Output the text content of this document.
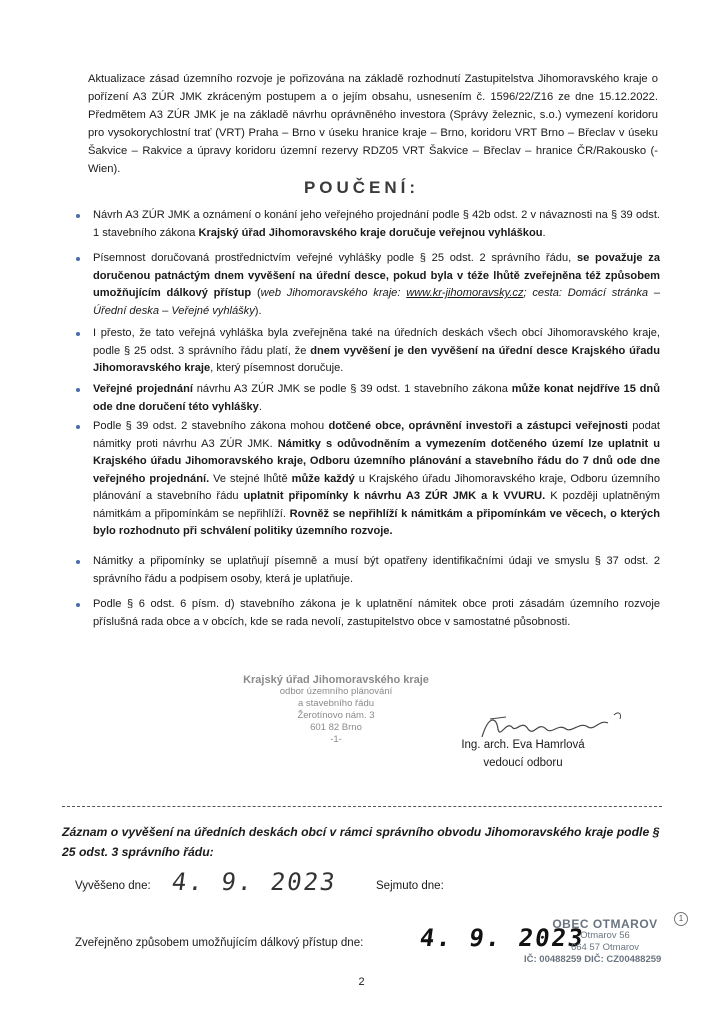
Aktualizace zásad územního rozvoje je pořizována na základě rozhodnutí Zastupitelstva Jihomoravského kraje o pořízení A3 ZÚR JMK zkráceným postupem a o jejím obsahu, usnesením č. 1596/22/Z16 ze dne 15.12.2022. Předmětem A3 ZÚR JMK je na základě návrhu oprávněného investora (Správy železnic, s.o.) vymezení koridoru pro vysokorychlostní trať (VRT) Praha – Brno v úseku hranice kraje – Brno, koridoru VRT Brno – Břeclav v úseku Šakvice – Rakvice a úpravy koridoru územní rezervy RDZ05 VRT Šakvice – Břeclav – hranice ČR/Rakousko (- Wien).

POUČENÍ:
Návrh A3 ZÚR JMK a oznámení o konání jeho veřejného projednání podle § 42b odst. 2 v návaznosti na § 39 odst. 1 stavebního zákona Krajský úřad Jihomoravského kraje doručuje veřejnou vyhláškou.
Písemnost doručovaná prostřednictvím veřejné vyhlášky podle § 25 odst. 2 správního řádu, se považuje za doručenou patnáctým dnem vyvěšení na úřední desce, pokud byla v téže lhůtě zveřejněna též způsobem umožňujícím dálkový přístup (web Jihomoravského kraje: www.kr-jihomoravsky.cz; cesta: Domácí stránka – Úřední deska – Veřejné vyhlášky).
I přesto, že tato veřejná vyhláška byla zveřejněna také na úředních deskách všech obcí Jihomoravského kraje, podle § 25 odst. 3 správního řádu platí, že dnem vyvěšení je den vyvěšení na úřední desce Krajského úřadu Jihomoravského kraje, který písemnost doručuje.
Veřejné projednání návrhu A3 ZÚR JMK se podle § 39 odst. 1 stavebního zákona může konat nejdříve 15 dnů ode dne doručení této vyhlášky.
Podle § 39 odst. 2 stavebního zákona mohou dotčené obce, oprávnění investoři a zástupci veřejnosti podat námitky proti návrhu A3 ZÚR JMK. Námitky s odůvodněním a vymezením dotčeného území lze uplatnit u Krajského úřadu Jihomoravského kraje, Odboru územního plánování a stavebního řádu do 7 dnů ode dne veřejného projednání. Ve stejné lhůtě může každý u Krajského úřadu Jihomoravského kraje, Odboru územního plánování a stavebního řádu uplatnit připomínky k návrhu A3 ZÚR JMK a k VVURU. K později uplatněným námitkám a připomínkám se nepřihlíží. Rovněž se nepřihlíží k námitkám a připomínkám ve věcech, o kterých bylo rozhodnuto při schválení politiky územního rozvoje.
Námitky a připomínky se uplatňují písemně a musí být opatřeny identifikačními údaji ve smyslu § 37 odst. 2 správního řádu a podpisem osoby, která je uplatňuje.
Podle § 6 odst. 6 písm. d) stavebního zákona je k uplatnění námitek obce proti zásadám územního rozvoje příslušná rada obce a v obcích, kde se rada nevolí, zastupitelstvo obce v samostatné působnosti.
Krajský úřad Jihomoravského kraje
odbor územního plánování
a stavebního řádu
Žerotínovo nám. 3
601 82 Brno
-1-	Ing. arch. Eva Hamrlová
vedoucí odboru

Záznam o vyvěšení na úředních deskách obcí v rámci správního obvodu Jihomoravského kraje podle § 25 odst. 3 správního řádu:

Vyvěšeno dne: 4. 9. 2023	Sejmuto dne:
Zveřejněno způsobem umožňujícím dálkový přístup dne: 4. 9. 2023
1
OBEC OTMAROV
Otmarov 56
664 57 Otmarov
IČ: 00488259 DIČ: CZ00488259
2
